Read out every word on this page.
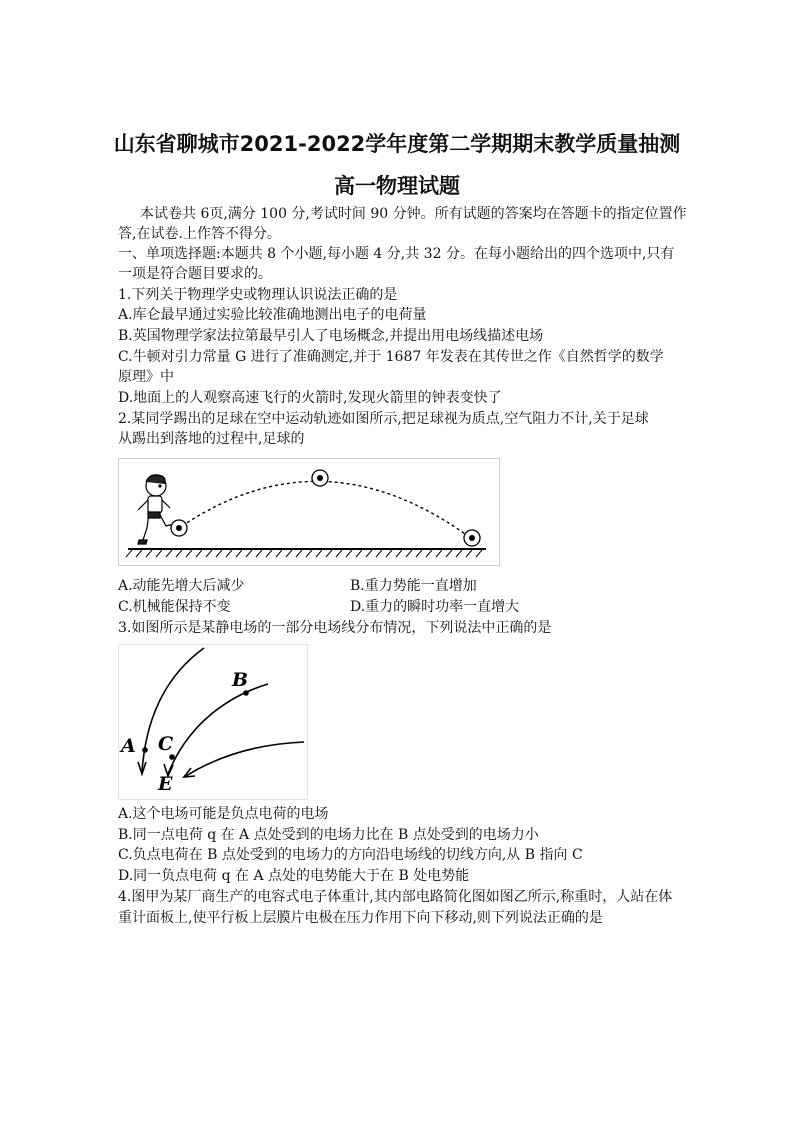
山东省聊城市2021-2022学年度第二学期期末教学质量抽测
高一物理试题
本试卷共 6页,满分 100 分,考试时间 90 分钟。所有试题的答案均在答题卡的指定位置作
答,在试卷.上作答不得分。
一、单项选择题:本题共 8 个小题,每小题 4 分,共 32 分。在每小题给出的四个选项中,只有
一项是符合题目要求的。
1.下列关于物理学史或物理认识说法正确的是
A.库仑最早通过实验比较准确地测出电子的电荷量
B.英国物理学家法拉第最早引人了电场概念,并提出用电场线描述电场
C.牛顿对引力常量 G 进行了准确测定,并于 1687 年发表在其传世之作《自然哲学的数学
原理》中
D.地面上的人观察高速飞行的火箭时,发现火箭里的钟表变快了
2.某同学踢出的足球在空中运动轨迹如图所示,把足球视为质点,空气阻力不计,关于足球
从踢出到落地的过程中,足球的
A.动能先增大后减少	B.重力势能一直增加
C.机械能保持不变	D.重力的瞬时功率一直增大
3.如图所示是某静电场的一部分电场线分布情况，下列说法中正确的是
A
B
C
E
A.这个电场可能是负点电荷的电场
B.同一点电荷 q 在 A 点处受到的电场力比在 B 点处受到的电场力小
C.负点电荷在 B 点处受到的电场力的方向沿电场线的切线方向,从 B 指向 C
D.同一负点电荷 q 在 A 点处的电势能大于在 B 处电势能
4.图甲为某厂商生产的电容式电子体重计,其内部电路简化图如图乙所示,称重时，人站在体
重计面板上,使平行板上层膜片电极在压力作用下向下移动,则下列说法正确的是
